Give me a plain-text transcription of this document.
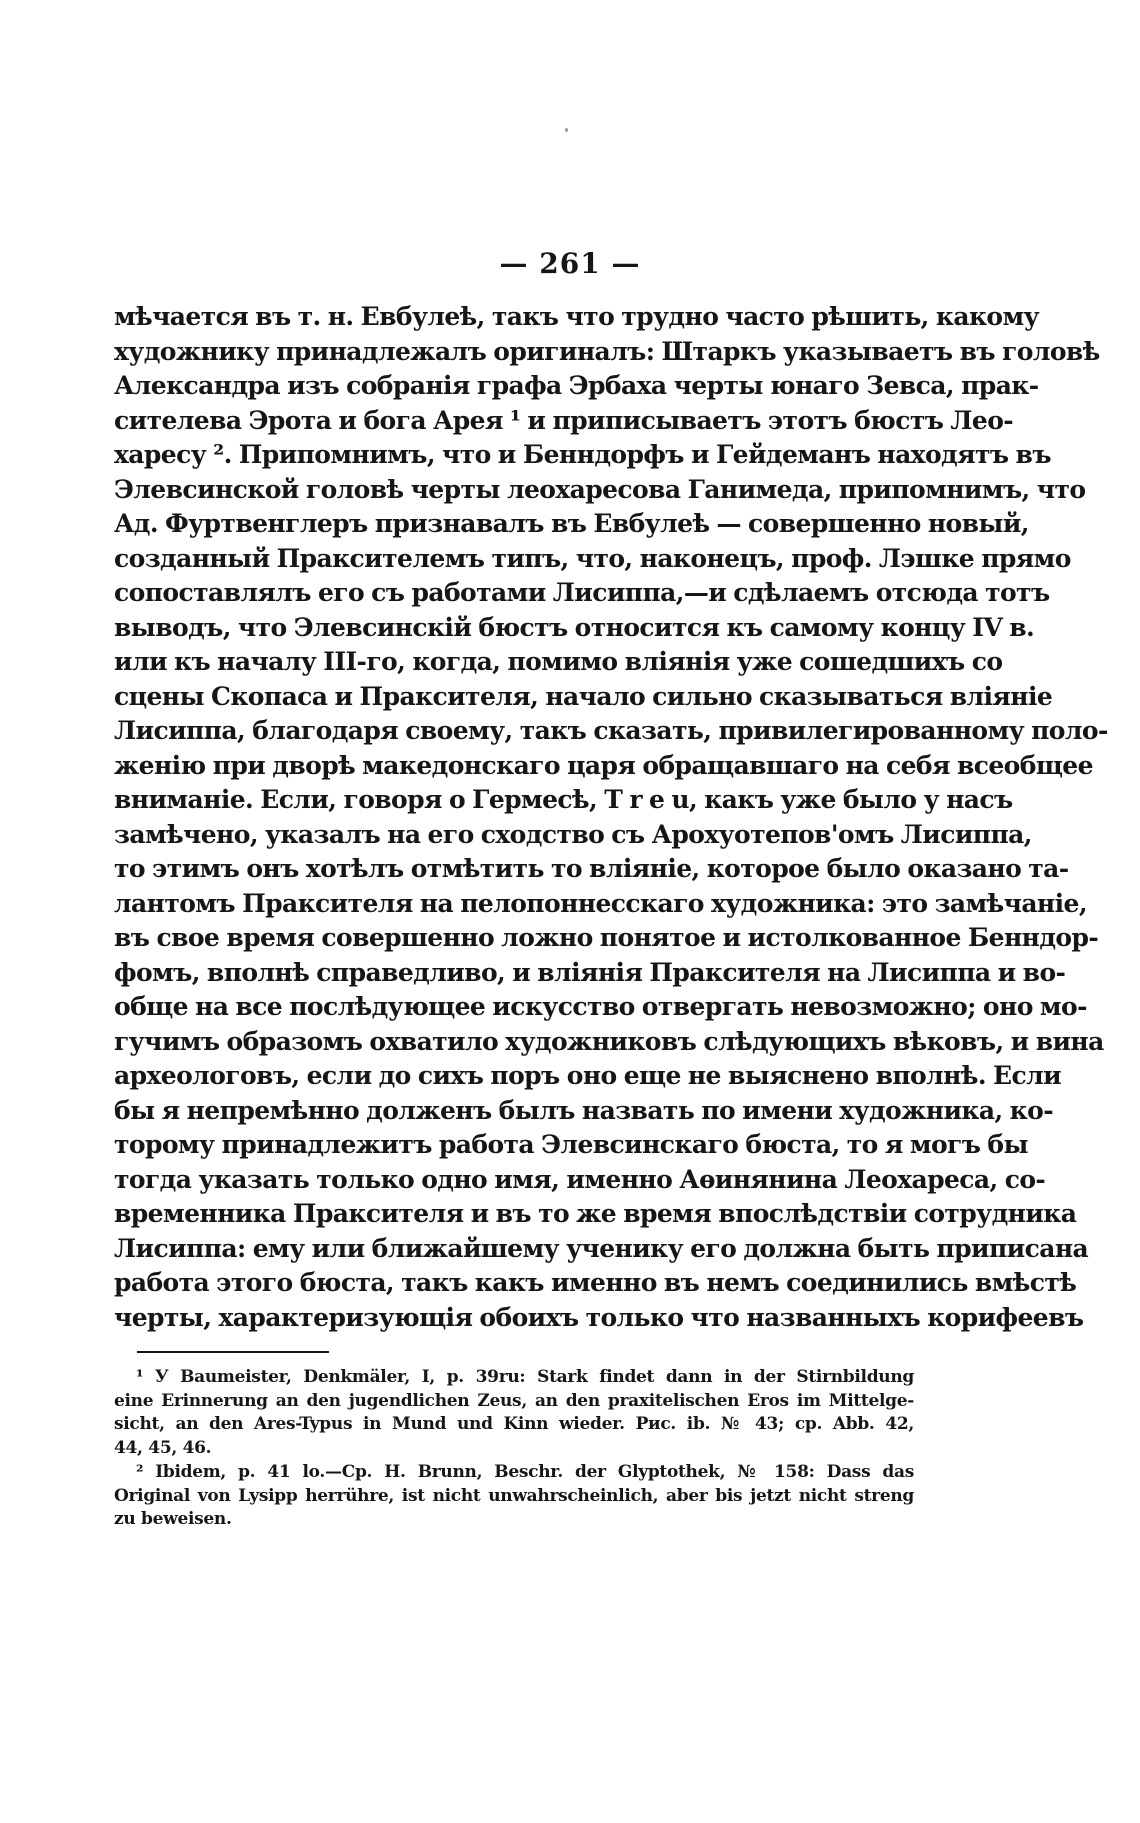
— 261 —
мѣчается въ т. н. Евбулеѣ, такъ что трудно часто рѣшить, какому
художнику принадлежалъ оригиналъ: Штаркъ указываетъ въ головѣ
Александра изъ собранія графа Эрбаха черты юнаго Зевса, прак-
ситeлева Эрота и бога Арея ¹ и приписываетъ этотъ бюстъ Лео-
харесу ². Припомнимъ, что и Бенндорфъ и Гейдеманъ находятъ въ
Элевсинской головѣ черты леохаресова Ганимеда, припомнимъ, что
Ад. Фуртвенглеръ признавалъ въ Евбулеѣ — совершенно новый,
созданный Праксителемъ типъ, что, наконецъ, проф. Лэшке прямо
сопоставлялъ его съ работами Лисиппа,—и сдѣлаемъ отсюда тотъ
выводъ, что Элевсинскій бюстъ относится къ самому концу IV в.
или къ началу III-го, когда, помимо вліянія уже сошедшихъ со
сцены Скопаса и Праксителя, начало сильно сказываться вліяніе
Лисиппа, благодаря своему, такъ сказать, привилегированному поло-
женію при дворѣ македонскаго царя обращавшаго на себя всеобщее
вниманіе. Если, говоря о Гермесѣ, Т r е u, какъ уже было у насъ
замѣчено, указалъ на его сходство съ Арохуотепов'омъ Лисиппа,
то этимъ онъ хотѣлъ отмѣтить то вліяніе, которое было оказано та-
лантомъ Праксителя на пелопоннесскаго художника: это замѣчаніе,
въ свое время совершенно ложно понятое и истолкованное Бенндор-
фомъ, вполнѣ справедливо, и вліянія Праксителя на Лисиппа и во-
обще на все послѣдующее искусство отвергать невозможно; оно мо-
гучимъ образомъ охватило художниковъ слѣдующихъ вѣковъ, и вина
археологовъ, если до сихъ поръ оно еще не выяснено вполнѣ. Если
бы я непремѣнно долженъ былъ назвать по имени художника, ко-
торому принадлежитъ работа Элевсинскаго бюста, то я могъ бы
тогда указать только одно имя, именно Аѳинянина Леохареса, со-
временника Праксителя и въ то же время впослѣдствіи сотрудника
Лисиппа: ему или ближайшему ученику его должна быть приписана
работа этого бюста, такъ какъ именно въ немъ соединились вмѣстѣ
черты, характеризующія обоихъ только что названныхъ корифеевъ
¹ У Baumeister, Denkmäler, I, p. 39ru: Stark findet dann in der Stirnbildung
eine Erinnerung an den jugendlichen Zeus, an den praxitelischen Eros im Mittelge-
sicht, an den Ares-Typus in Mund und Kinn wieder. Рис. ib. № 43; ср. Abb. 42,
44, 45, 46.
² Ibidem, p. 41 lo.—Ср. H. Brunn, Beschr. der Glyptothek, № 158: Dass das
Original von Lysipp herrühre, ist nicht unwahrscheinlich, aber bis jetzt nicht streng
zu beweisen.
